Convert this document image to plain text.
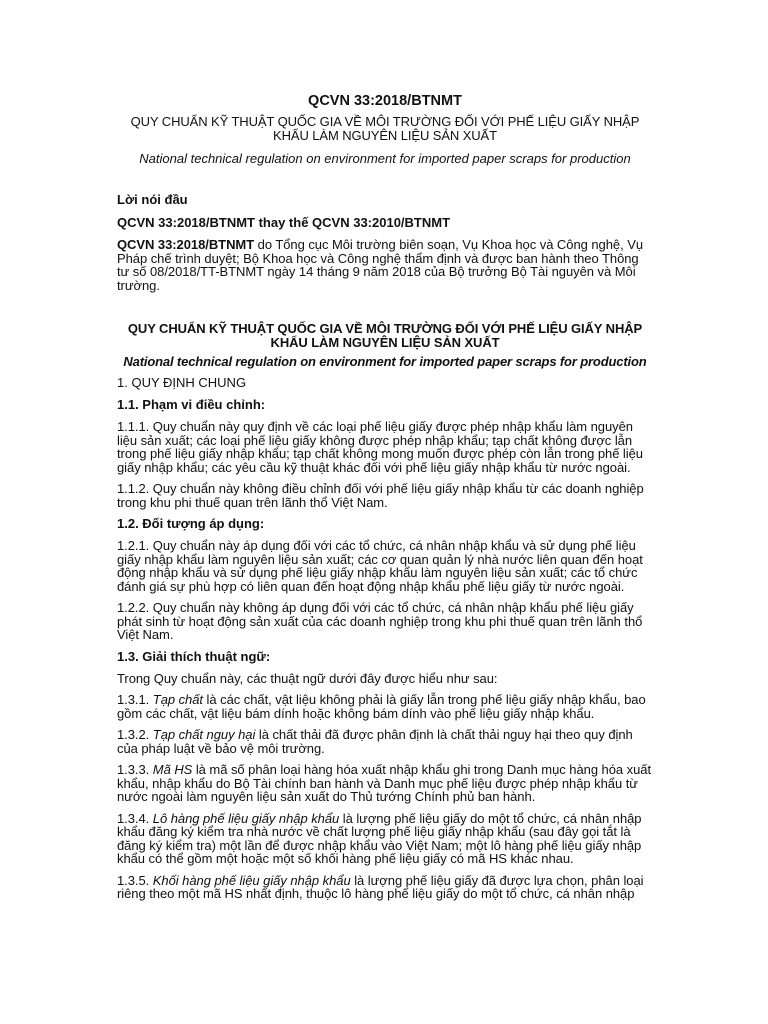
QCVN 33:2018/BTNMT

QUY CHUẨN KỸ THUẬT QUỐC GIA VỀ MÔI TRƯỜNG ĐỐI VỚI PHẾ LIỆU GIẤY NHẬP KHẨU LÀM NGUYÊN LIỆU SẢN XUẤT

National technical regulation on environment for imported paper scraps for production

Lời nói đầu

QCVN 33:2018/BTNMT thay thế QCVN 33:2010/BTNMT

QCVN 33:2018/BTNMT do Tổng cục Môi trường biên soạn, Vụ Khoa học và Công nghệ, Vụ Pháp chế trình duyệt; Bộ Khoa học và Công nghệ thẩm định và được ban hành theo Thông tư số 08/2018/TT-BTNMT ngày 14 tháng 9 năm 2018 của Bộ trưởng Bộ Tài nguyên và Môi trường.

QUY CHUẨN KỸ THUẬT QUỐC GIA VỀ MÔI TRƯỜNG ĐỐI VỚI PHẾ LIỆU GIẤY NHẬP KHẨU LÀM NGUYÊN LIỆU SẢN XUẤT

National technical regulation on environment for imported paper scraps for production

1. QUY ĐỊNH CHUNG

1.1. Phạm vi điều chỉnh:

1.1.1. Quy chuẩn này quy định về các loại phế liệu giấy được phép nhập khẩu làm nguyên liệu sản xuất; các loại phế liệu giấy không được phép nhập khẩu; tạp chất không được lẫn trong phế liệu giấy nhập khẩu; tạp chất không mong muốn được phép còn lẫn trong phế liệu giấy nhập khẩu; các yêu cầu kỹ thuật khác đối với phế liệu giấy nhập khẩu từ nước ngoài.

1.1.2. Quy chuẩn này không điều chỉnh đối với phế liệu giấy nhập khẩu từ các doanh nghiệp trong khu phi thuế quan trên lãnh thổ Việt Nam.

1.2. Đối tượng áp dụng:

1.2.1. Quy chuẩn này áp dụng đối với các tổ chức, cá nhân nhập khẩu và sử dụng phế liệu giấy nhập khẩu làm nguyên liệu sản xuất; các cơ quan quản lý nhà nước liên quan đến hoạt động nhập khẩu và sử dụng phế liệu giấy nhập khẩu làm nguyên liệu sản xuất; các tổ chức đánh giá sự phù hợp có liên quan đến hoạt động nhập khẩu phế liệu giấy từ nước ngoài.

1.2.2. Quy chuẩn này không áp dụng đối với các tổ chức, cá nhân nhập khẩu phế liệu giấy phát sinh từ hoạt động sản xuất của các doanh nghiệp trong khu phi thuế quan trên lãnh thổ Việt Nam.

1.3. Giải thích thuật ngữ:

Trong Quy chuẩn này, các thuật ngữ dưới đây được hiểu như sau:

1.3.1. Tạp chất là các chất, vật liệu không phải là giấy lẫn trong phế liệu giấy nhập khẩu, bao gồm các chất, vật liệu bám dính hoặc không bám dính vào phế liệu giấy nhập khẩu.

1.3.2. Tạp chất nguy hại là chất thải đã được phân định là chất thải nguy hại theo quy định của pháp luật về bảo vệ môi trường.

1.3.3. Mã HS là mã số phân loại hàng hóa xuất nhập khẩu ghi trong Danh mục hàng hóa xuất khẩu, nhập khẩu do Bộ Tài chính ban hành và Danh mục phế liệu được phép nhập khẩu từ nước ngoài làm nguyên liệu sản xuất do Thủ tướng Chính phủ ban hành.

1.3.4. Lô hàng phế liệu giấy nhập khẩu là lượng phế liệu giấy do một tổ chức, cá nhân nhập khẩu đăng ký kiểm tra nhà nước về chất lượng phế liệu giấy nhập khẩu (sau đây gọi tắt là đăng ký kiểm tra) một lần để được nhập khẩu vào Việt Nam; một lô hàng phế liệu giấy nhập khẩu có thể gồm một hoặc một số khối hàng phế liệu giấy có mã HS khác nhau.

1.3.5. Khối hàng phế liệu giấy nhập khẩu là lượng phế liệu giấy đã được lựa chọn, phân loại riêng theo một mã HS nhất định, thuộc lô hàng phế liệu giấy do một tổ chức, cá nhân nhập
